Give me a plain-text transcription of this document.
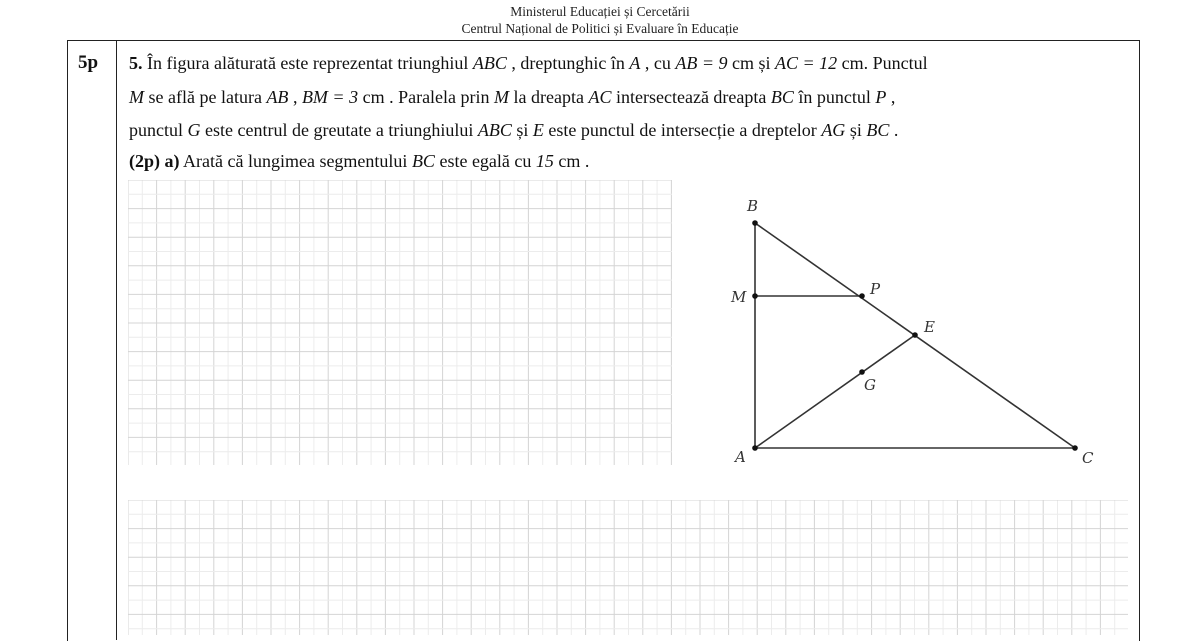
Ministerul Educației și Cercetării
Centrul Național de Politici și Evaluare în Educație
5p 5. În figura alăturată este reprezentat triunghiul ABC , dreptunghic în A , cu AB = 9 cm și AC = 12 cm. Punctul
M se află pe latura AB , BM = 3 cm . Paralela prin M la dreapta AC intersectează dreapta BC în punctul P ,
punctul G este centrul de greutate a triunghiului ABC și E este punctul de intersecție a dreptelor AG și BC .
(2p) a) Arată că lungimea segmentului BC este egală cu 15 cm .
B
M	P
E
G
A	C
